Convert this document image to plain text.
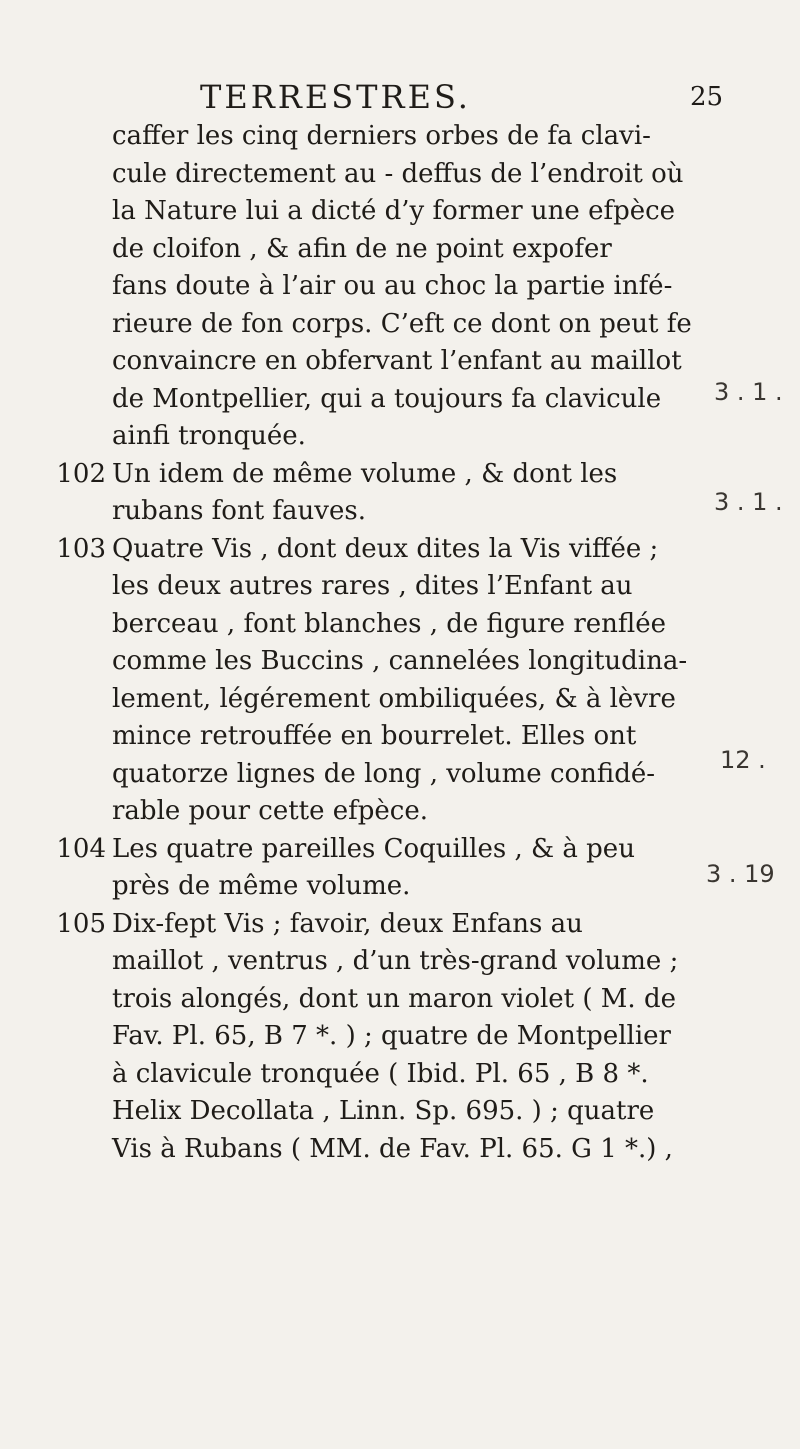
TERRESTRES.	25
caffer les cinq derniers orbes de fa clavi-
cule directement au - deffus de l’endroit où
la Nature lui a dicté d’y former une efpèce
de cloifon , & afin de ne point expofer
fans doute à l’air ou au choc la partie infé-
rieure de fon corps. C’eft ce dont on peut fe
convaincre en obfervant l’enfant au maillot
de Montpellier, qui a toujours fa clavicule
ainfi tronquée.
102 Un idem de même volume , & dont les
rubans font fauves.
103 Quatre Vis , dont deux dites la Vis viffée ;
les deux autres rares , dites l’Enfant au
berceau , font blanches , de figure renflée
comme les Buccins , cannelées longitudina-
lement, légérement ombiliquées, & à lèvre
mince retrouffée en bourrelet. Elles ont
quatorze lignes de long , volume confidé-
rable pour cette efpèce.
104 Les quatre pareilles Coquilles , & à peu
près de même volume.
105 Dix-fept Vis ; favoir, deux Enfans au
maillot , ventrus , d’un très-grand volume ;
trois alongés, dont un maron violet ( M. de
Fav. Pl. 65, B 7 *. ) ; quatre de Montpellier
à clavicule tronquée ( Ibid. Pl. 65 , B 8 *.
Helix Decollata , Linn. Sp. 695. ) ; quatre
Vis à Rubans ( MM. de Fav. Pl. 65. G 1 *.) ,
3 . 1 .
3 . 1 .
12 .
3 . 19
